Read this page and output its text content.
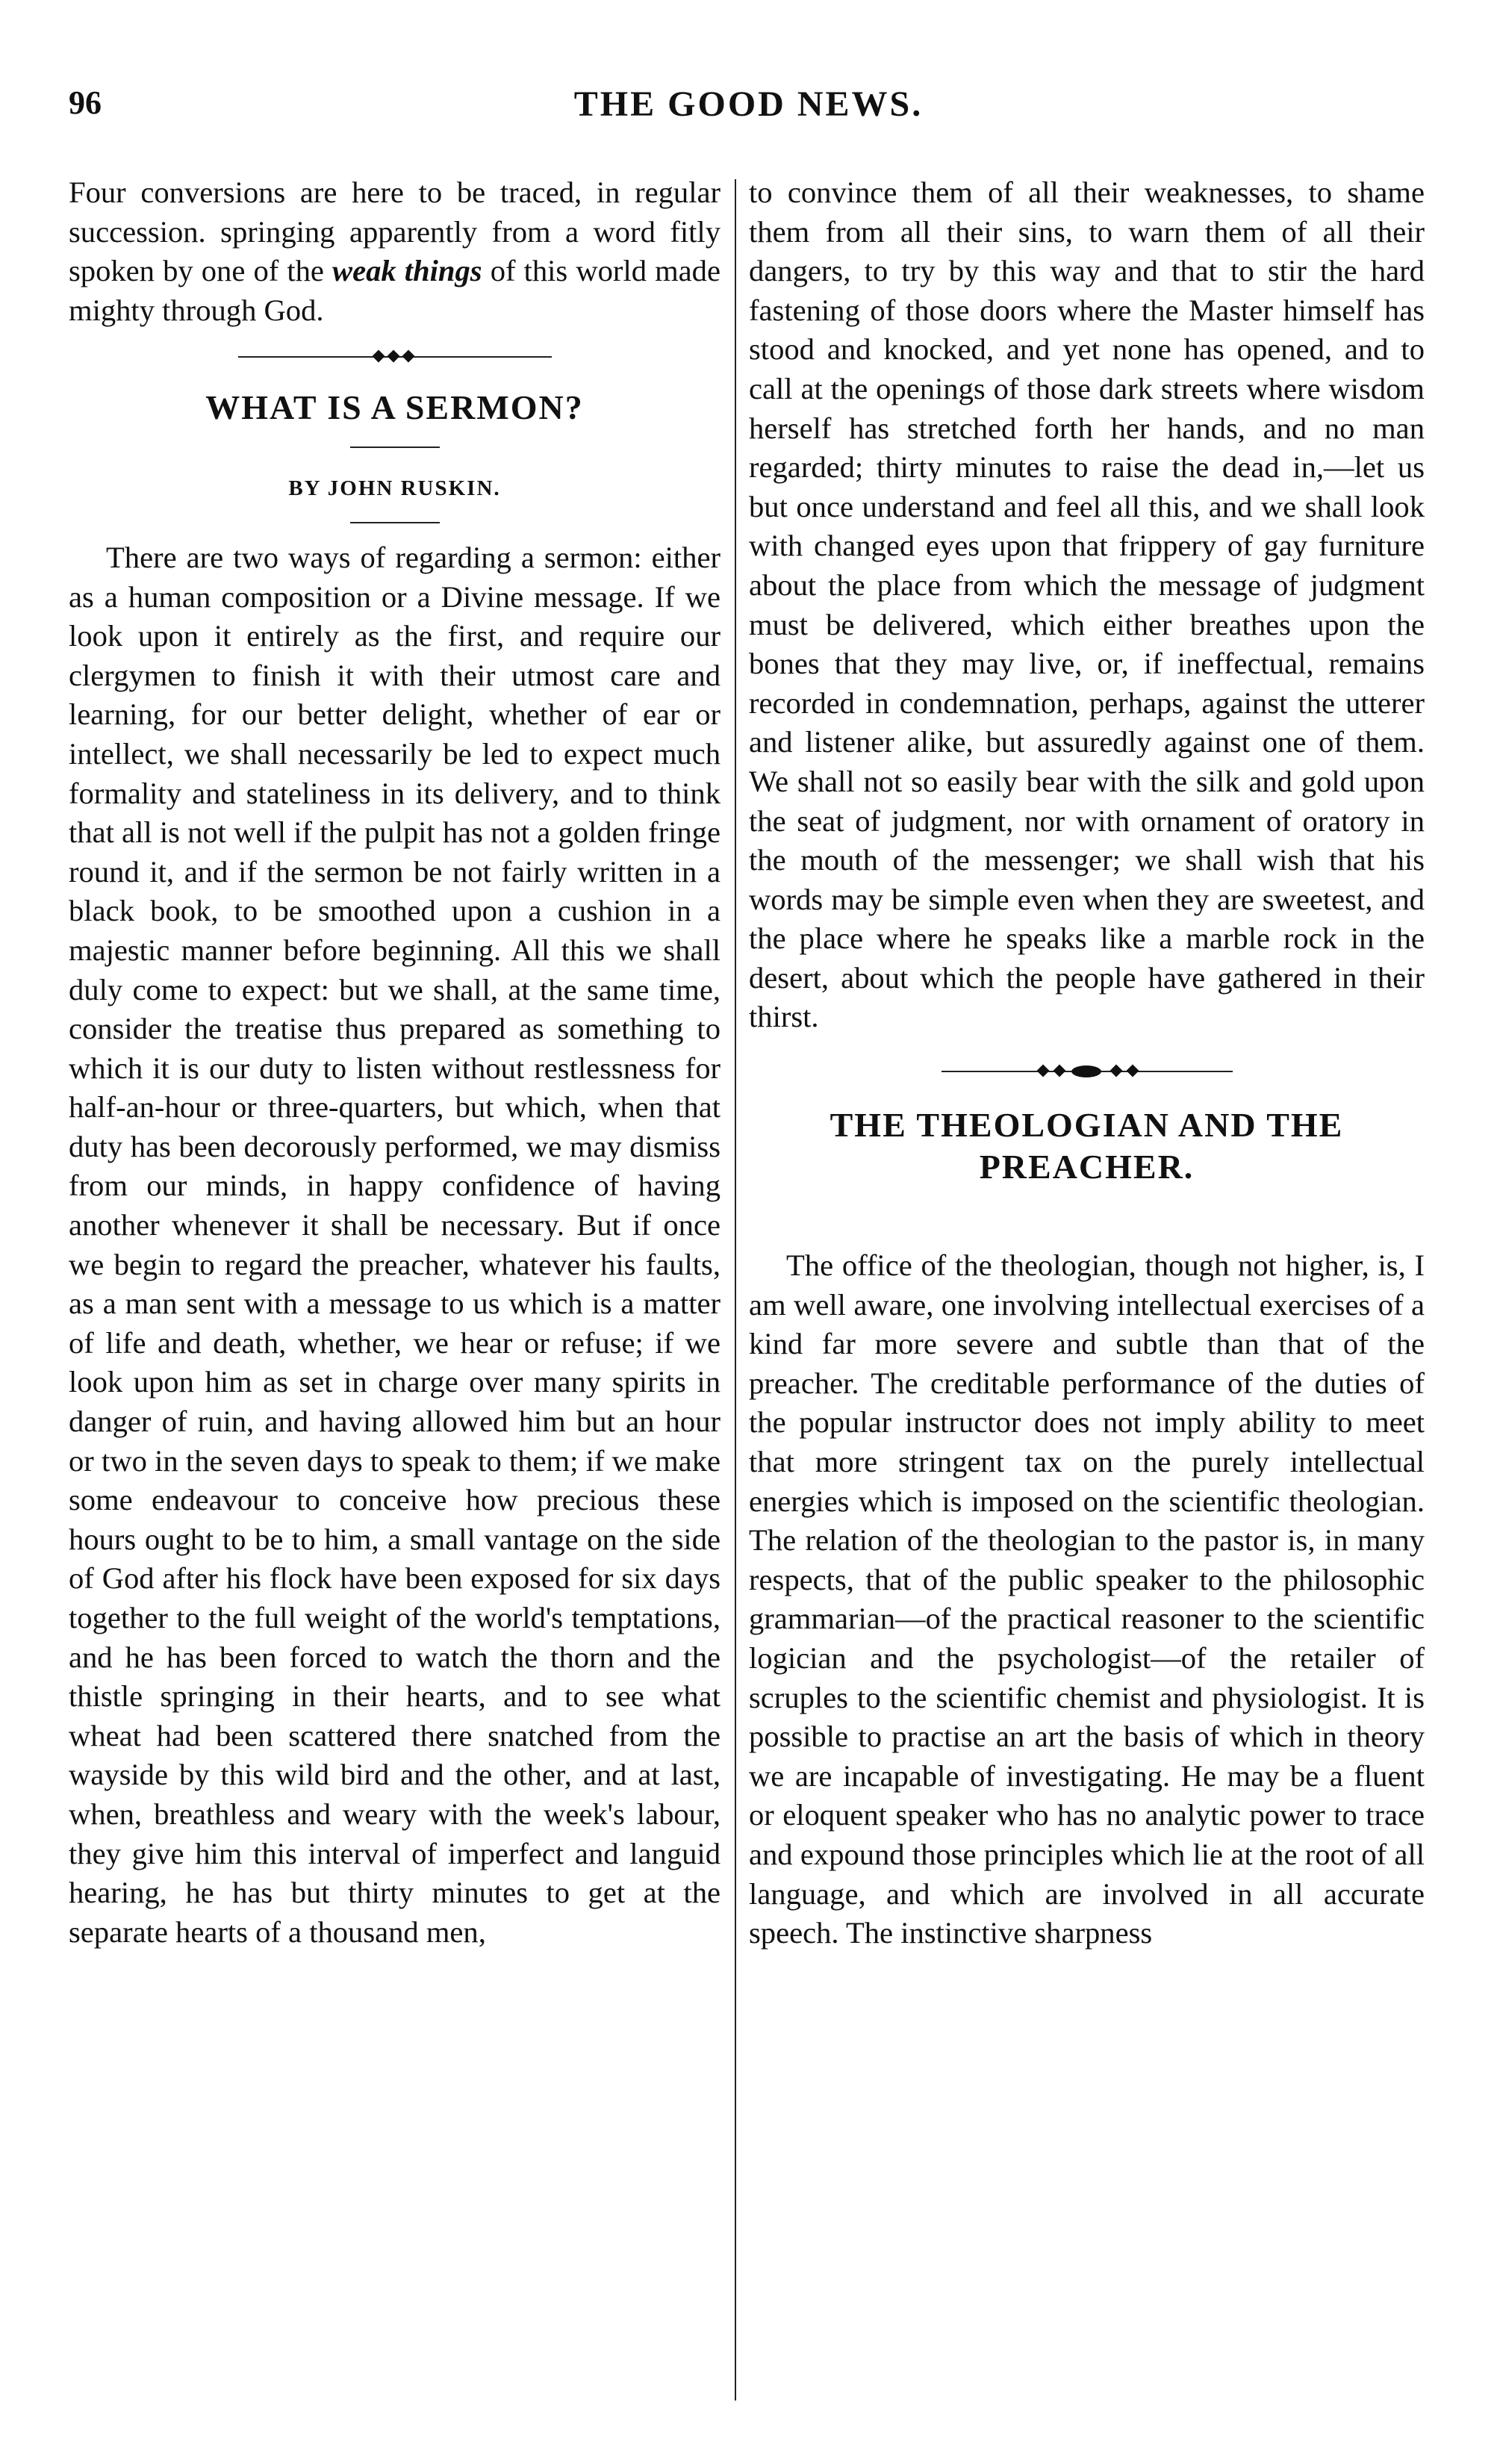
96	THE GOOD NEWS.

Four conversions are here to be traced, in regular succession. springing apparently from a word fitly spoken by one of the weak things of this world made mighty through God.

WHAT IS A SERMON?

BY JOHN RUSKIN.

There are two ways of regarding a sermon: either as a human composition or a Divine message. If we look upon it entirely as the first, and require our clergymen to finish it with their utmost care and learning, for our better delight, whether of ear or intellect, we shall necessarily be led to expect much formality and stateliness in its delivery, and to think that all is not well if the pulpit has not a golden fringe round it, and if the sermon be not fairly written in a black book, to be smoothed upon a cushion in a majestic manner before beginning. All this we shall duly come to expect: but we shall, at the same time, consider the treatise thus prepared as something to which it is our duty to listen without restlessness for half-an-hour or three-quarters, but which, when that duty has been decorously performed, we may dismiss from our minds, in happy confidence of having another whenever it shall be necessary. But if once we begin to regard the preacher, whatever his faults, as a man sent with a message to us which is a matter of life and death, whether, we hear or refuse; if we look upon him as set in charge over many spirits in danger of ruin, and having allowed him but an hour or two in the seven days to speak to them; if we make some endeavour to conceive how precious these hours ought to be to him, a small vantage on the side of God after his flock have been exposed for six days together to the full weight of the world's temptations, and he has been forced to watch the thorn and the thistle springing in their hearts, and to see what wheat had been scattered there snatched from the wayside by this wild bird and the other, and at last, when, breathless and weary with the week's labour, they give him this interval of imperfect and languid hearing, he has but thirty minutes to get at the separate hearts of a thousand men,

to convince them of all their weaknesses, to shame them from all their sins, to warn them of all their dangers, to try by this way and that to stir the hard fastening of those doors where the Master himself has stood and knocked, and yet none has opened, and to call at the openings of those dark streets where wisdom herself has stretched forth her hands, and no man regarded; thirty minutes to raise the dead in,—let us but once understand and feel all this, and we shall look with changed eyes upon that frippery of gay furniture about the place from which the message of judgment must be delivered, which either breathes upon the bones that they may live, or, if ineffectual, remains recorded in condemnation, perhaps, against the utterer and listener alike, but assuredly against one of them. We shall not so easily bear with the silk and gold upon the seat of judgment, nor with ornament of oratory in the mouth of the messenger; we shall wish that his words may be simple even when they are sweetest, and the place where he speaks like a marble rock in the desert, about which the people have gathered in their thirst.

THE THEOLOGIAN AND THE
PREACHER.

The office of the theologian, though not higher, is, I am well aware, one involving intellectual exercises of a kind far more severe and subtle than that of the preacher. The creditable performance of the duties of the popular instructor does not imply ability to meet that more stringent tax on the purely intellectual energies which is imposed on the scientific theologian. The relation of the theologian to the pastor is, in many respects, that of the public speaker to the philosophic grammarian—of the practical reasoner to the scientific logician and the psychologist—of the retailer of scruples to the scientific chemist and physiologist. It is possible to practise an art the basis of which in theory we are incapable of investigating. He may be a fluent or eloquent speaker who has no analytic power to trace and expound those principles which lie at the root of all language, and which are involved in all accurate speech. The instinctive sharpness
